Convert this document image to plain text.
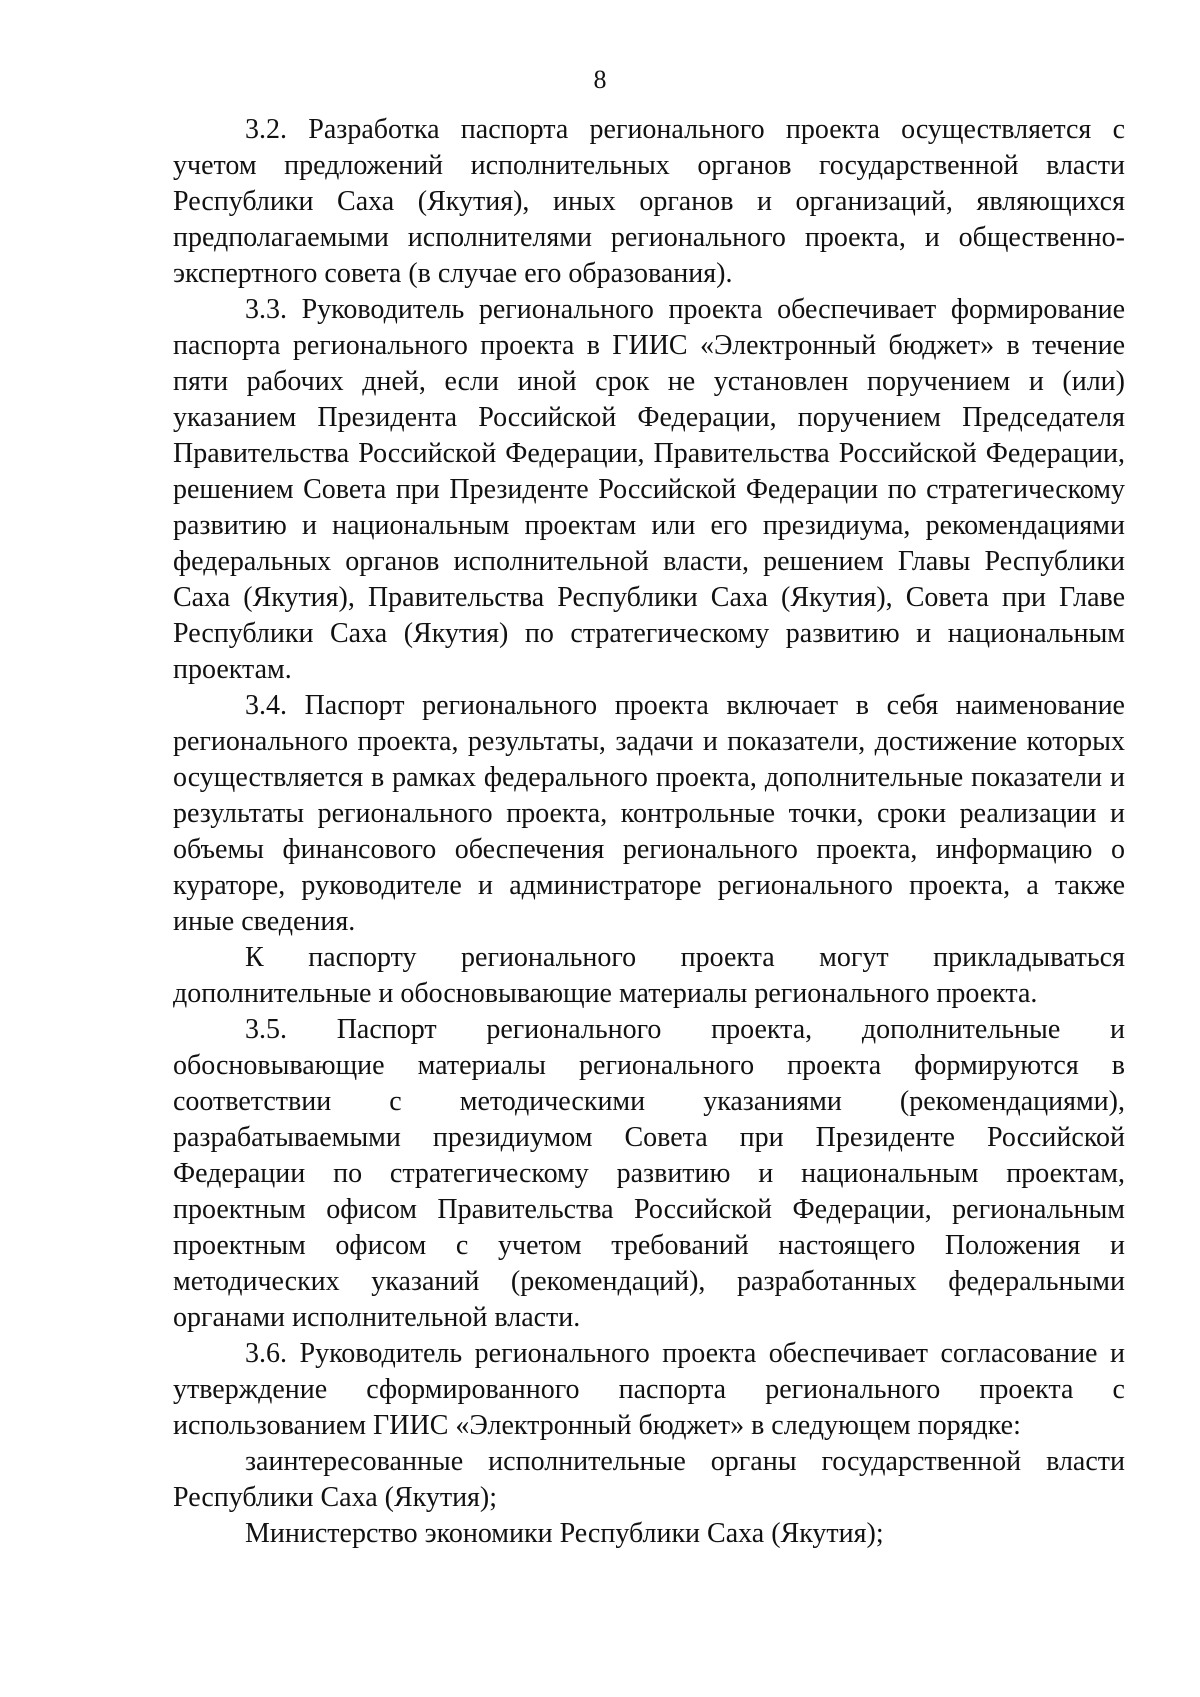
8

3.2. Разработка паспорта регионального проекта осуществляется с учетом предложений исполнительных органов государственной власти Республики Саха (Якутия), иных органов и организаций, являющихся предполагаемыми исполнителями регионального проекта, и общественно-экспертного совета (в случае его образования).

3.3. Руководитель регионального проекта обеспечивает формирование паспорта регионального проекта в ГИИС «Электронный бюджет» в течение пяти рабочих дней, если иной срок не установлен поручением и (или) указанием Президента Российской Федерации, поручением Председателя Правительства Российской Федерации, Правительства Российской Федерации, решением Совета при Президенте Российской Федерации по стратегическому развитию и национальным проектам или его президиума, рекомендациями федеральных органов исполнительной власти, решением Главы Республики Саха (Якутия), Правительства Республики Саха (Якутия), Совета при Главе Республики Саха (Якутия) по стратегическому развитию и национальным проектам.

3.4. Паспорт регионального проекта включает в себя наименование регионального проекта, результаты, задачи и показатели, достижение которых осуществляется в рамках федерального проекта, дополнительные показатели и результаты регионального проекта, контрольные точки, сроки реализации и объемы финансового обеспечения регионального проекта, информацию о кураторе, руководителе и администраторе регионального проекта, а также иные сведения.

К паспорту регионального проекта могут прикладываться дополнительные и обосновывающие материалы регионального проекта.

3.5. Паспорт регионального проекта, дополнительные и обосновывающие материалы регионального проекта формируются в соответствии с методическими указаниями (рекомендациями), разрабатываемыми президиумом Совета при Президенте Российской Федерации по стратегическому развитию и национальным проектам, проектным офисом Правительства Российской Федерации, региональным проектным офисом с учетом требований настоящего Положения и методических указаний (рекомендаций), разработанных федеральными органами исполнительной власти.

3.6. Руководитель регионального проекта обеспечивает согласование и утверждение сформированного паспорта регионального проекта с использованием ГИИС «Электронный бюджет» в следующем порядке:

заинтересованные исполнительные органы государственной власти Республики Саха (Якутия);

Министерство экономики Республики Саха (Якутия);
